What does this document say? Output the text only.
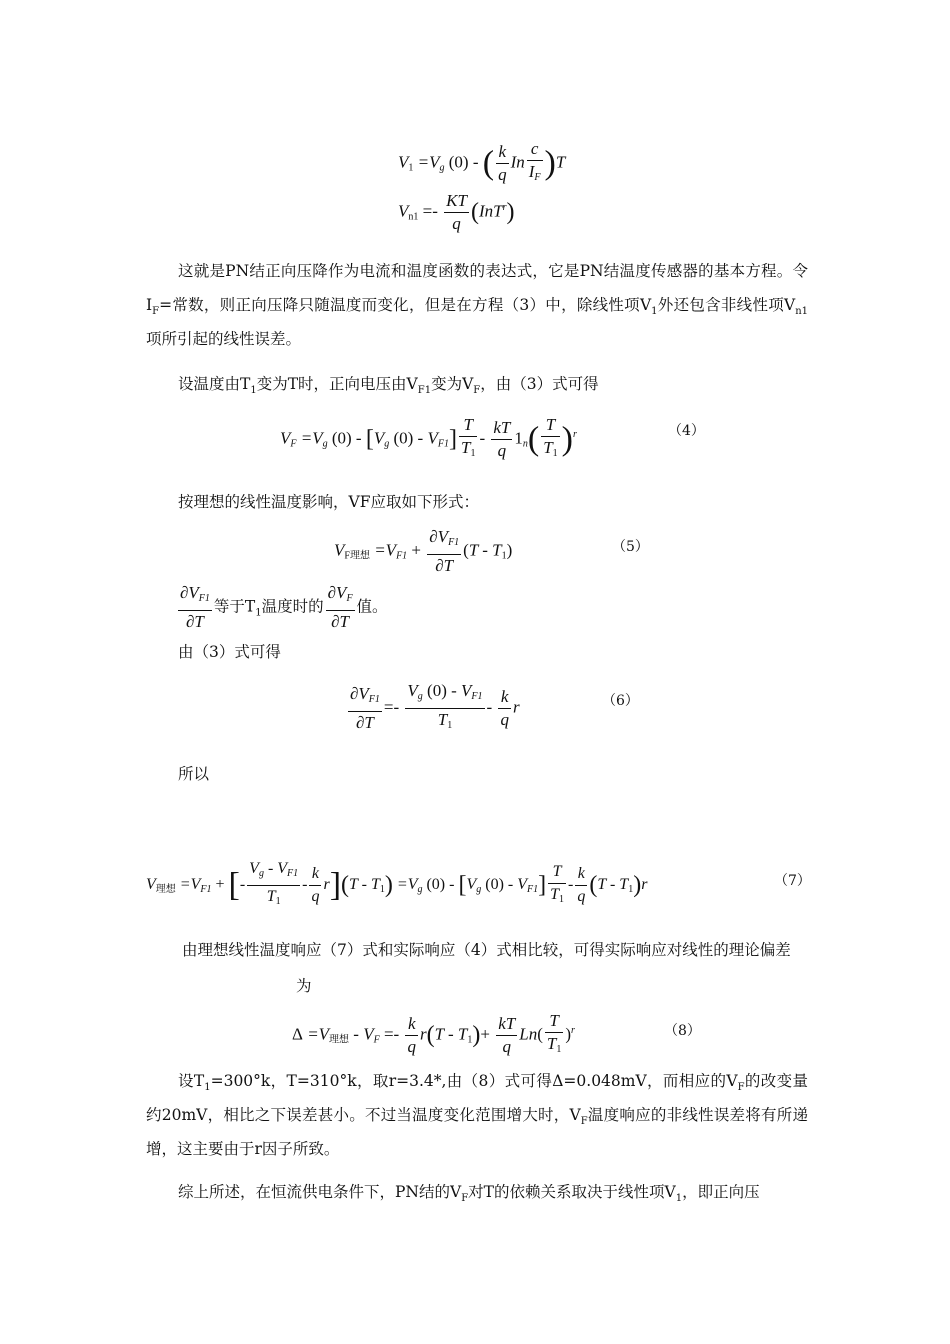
V1 =Vg (0) - ( $\frac{k}{q}$ In $\frac{c}{IF} )T$
$Vn1 =- \frac{KT}{q} (InT^r)$
这就是PN结正向压降作为电流和温度函数的表达式，它是PN结温度传感器的基本方程。令$I_F=$常数，则正向压降只随温度而变化，但是在方程（3）中，除线性项$V_1$外还包含非线性项$V_{n1}$项所引起的线性误差。
设温度由$T_1$变为T时，正向电压由$V_{F1}$变为$V_F$，由（3）式可得
VF =Vg (0) - [Vg $(0) - VF1] \frac{T}{T1} - \frac{kT}{q} 1n( \frac{T}{T1} )^r$	（4）
按理想的线性温度影响，VF应取如下形式：
VF理想 $=VF1 + \frac{\partial VF1}{\partial T} (T - T1)$	（5）
$\frac{\partial VF1}{\partial T}$ 等于$T_1$温度时的 $\frac{\partial VF}{\partial T}$ 值。
由（3）式可得
$\frac{\partial VF1}{\partial T} =- \frac{Vg (0) - VF1}{T1} - \frac{k}{q}$ r	（6）
所以
V理想 =VF1 + [- $\frac{Vg - VF1}{T1} - \frac{k}{q} r](T - T1) =Vg$ (0) - [Vg $(0) - VF1] \frac{T}{T1} - \frac{k}{q} (T - T1)r$	（7）
由理想线性温度响应（7）式和实际响应（4）式相比较，可得实际响应对线性的理论偏差
为
Δ =V理想 - VF =- $\frac{k}{q} r(T - T1)+ \frac{kT}{q} Ln( \frac{T}{T1} )^r$	（8）
设$T_1=300^\circ k$，T=310°k，取r=3.4*,由（8）式可得Δ=0.048mV，而相应的$V_F$的改变量约20mV，相比之下误差甚小。不过当温度变化范围增大时，$V_F$温度响应的非线性误差将有所递增，这主要由于r因子所致。
综上所述，在恒流供电条件下，PN结的$V_F$对T的依赖关系取决于线性项$V_1$，即正向压
